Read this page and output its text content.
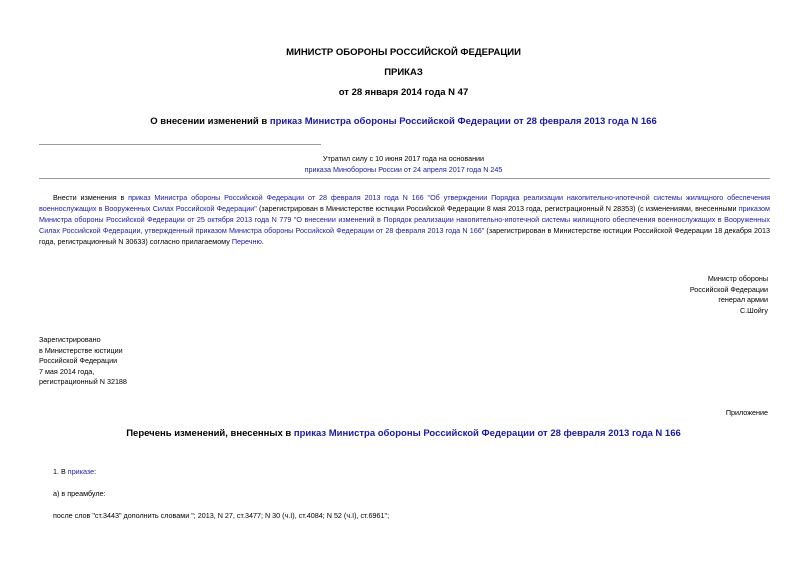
МИНИСТР ОБОРОНЫ РОССИЙСКОЙ ФЕДЕРАЦИИ
ПРИКАЗ
от 28 января 2014 года N 47
О внесении изменений в приказ Министра обороны Российской Федерации от 28 февраля 2013 года N 166
Утратил силу с 10 июня 2017 года на основании
приказа Минобороны России от 24 апреля 2017 года N 245
Внести изменения в приказ Министра обороны Российской Федерации от 28 февраля 2013 года N 166 "Об утверждении Порядка реализации накопительно-ипотечной системы жилищного обеспечения военнослужащих в Вооруженных Силах Российской Федерации" (зарегистрирован в Министерстве юстиции Российской Федерации 8 мая 2013 года, регистрационный N 28353) (с изменениями, внесенными приказом Министра обороны Российской Федерации от 25 октября 2013 года N 779 "О внесении изменений в Порядок реализации накопительно-ипотечной системы жилищного обеспечения военнослужащих в Вооруженных Силах Российской Федерации, утвержденный приказом Министра обороны Российской Федерации от 28 февраля 2013 года N 166" (зарегистрирован в Министерстве юстиции Российской Федерации 18 декабря 2013 года, регистрационный N 30633) согласно прилагаемому Перечню.
Министр обороны
Российской Федерации
генерал армии
С.Шойгу
Зарегистрировано
в Министерстве юстиции
Российской Федерации
7 мая 2014 года,
регистрационный N 32188
Приложение
Перечень изменений, внесенных в приказ Министра обороны Российской Федерации от 28 февраля 2013 года N 166
1. В приказе:
а) в преамбуле:
после слов "ст.3443" дополнить словами "; 2013, N 27, ст.3477; N 30 (ч.I), ст.4084; N 52 (ч.I), ст.6961";
